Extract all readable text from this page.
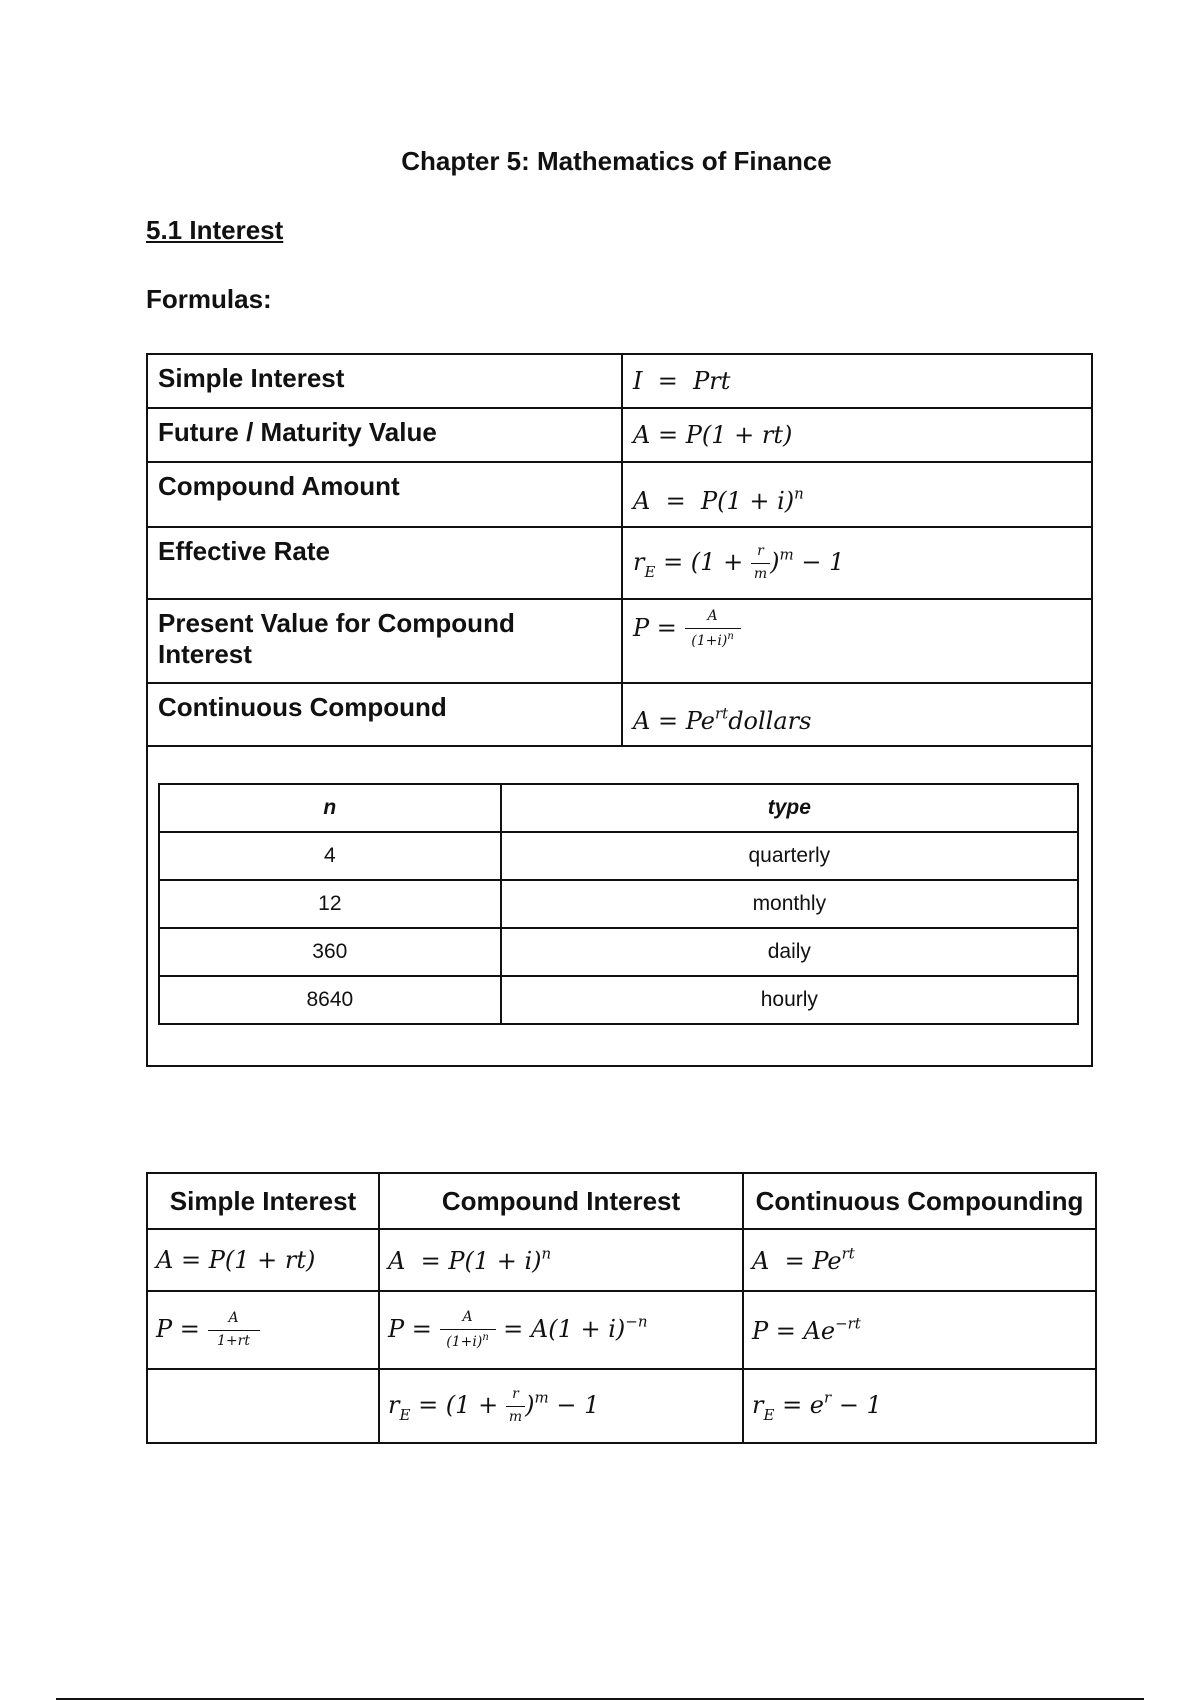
Chapter 5: Mathematics of Finance
5.1 Interest
Formulas:
Simple Interest	I  =  Prt
Future / Maturity Value	A = P(1 + rt)
Compound Amount	$A = P(1 + i)^n$
Effective Rate	$r_E = (1 + \frac{r}{m} )^m - 1$
Present Value for Compound Interest	$P = \frac{A}{(1+i)^n}$

Continuous Compound	$A = Pe^{rt}dollars$

n	type
4	quarterly
12	monthly
360	daily
8640	hourly
Simple Interest	Compound Interest	Continuous Compounding
A = P(1 + rt)	$A = P(1 + i)^n$	$A = Pe^{rt}$
$P = \frac{A}{1+rt}$	$P = \frac{A}{(1+i)^n} = A(1 + i)^{-n}$	$P = Ae^{-rt}$
	$r_E = (1 + \frac{r}{m} )^m - 1$	$r_E = e^r - 1$
